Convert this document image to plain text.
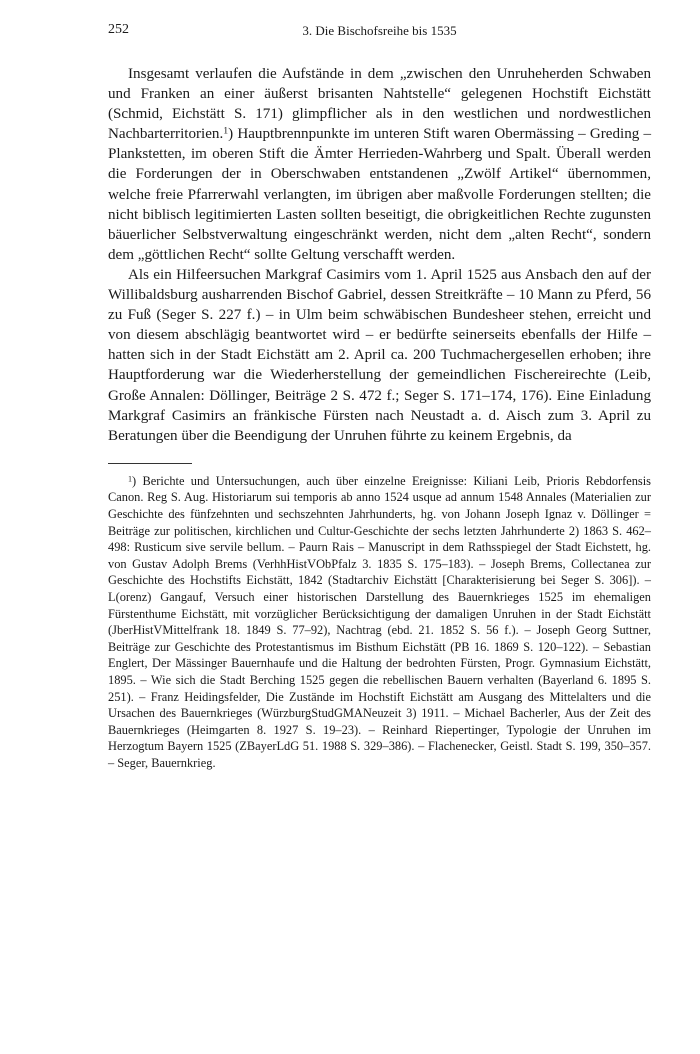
252	3. Die Bischofsreihe bis 1535

Insgesamt verlaufen die Aufstände in dem „zwischen den Unruheherden Schwaben und Franken an einer äußerst brisanten Nahtstelle“ gelegenen Hochstift Eichstätt (Schmid, Eichstätt S. 171) glimpflicher als in den westlichen und nordwestlichen Nachbarterritorien.$^1$) Hauptbrennpunkte im unteren Stift waren Obermässing – Greding – Plankstetten, im oberen Stift die Ämter Herrieden-Wahrberg und Spalt. Überall werden die Forderungen der in Oberschwaben entstandenen „Zwölf Artikel“ übernommen, welche freie Pfarrerwahl verlangten, im übrigen aber maßvolle Forderungen stellten; die nicht biblisch legitimierten Lasten sollten beseitigt, die obrigkeitlichen Rechte zugunsten bäuerlicher Selbstverwaltung eingeschränkt werden, nicht dem „alten Recht“, sondern dem „göttlichen Recht“ sollte Geltung verschafft werden.

Als ein Hilfeersuchen Markgraf Casimirs vom 1. April 1525 aus Ansbach den auf der Willibaldsburg ausharrenden Bischof Gabriel, dessen Streitkräfte – 10 Mann zu Pferd, 56 zu Fuß (Seger S. 227 f.) – in Ulm beim schwäbischen Bundesheer stehen, erreicht und von diesem abschlägig beantwortet wird – er bedürfte seinerseits ebenfalls der Hilfe – hatten sich in der Stadt Eichstätt am 2. April ca. 200 Tuchmachergesellen erhoben; ihre Hauptforderung war die Wiederherstellung der gemeindlichen Fischereirechte (Leib, Große Annalen: Döllinger, Beiträge 2 S. 472 f.; Seger S. 171–174, 176). Eine Einladung Markgraf Casimirs an fränkische Fürsten nach Neustadt a. d. Aisch zum 3. April zu Beratungen über die Beendigung der Unruhen führte zu keinem Ergebnis, da

$^1$) Berichte und Untersuchungen, auch über einzelne Ereignisse: Kiliani Leib, Prioris Rebdorfensis Canon. Reg S. Aug. Historiarum sui temporis ab anno 1524 usque ad annum 1548 Annales (Materialien zur Geschichte des fünfzehnten und sechszehnten Jahrhunderts, hg. von Johann Joseph Ignaz v. Döllinger = Beiträge zur politischen, kirchlichen und Cultur-Geschichte der sechs letzten Jahrhunderte 2) 1863 S. 462–498: Rusticum sive servile bellum. – Paurn Rais – Manuscript in dem Rathsspiegel der Stadt Eichstett, hg. von Gustav Adolph Brems (VerhhHistVObPfalz 3. 1835 S. 175–183). – Joseph Brems, Collectanea zur Geschichte des Hochstifts Eichstätt, 1842 (Stadtarchiv Eichstätt [Charakterisierung bei Seger S. 306]). – L(orenz) Gangauf, Versuch einer historischen Darstellung des Bauernkrieges 1525 im ehemaligen Fürstenthume Eichstätt, mit vorzüglicher Berücksichtigung der damaligen Unruhen in der Stadt Eichstätt (JberHistVMittelfrank 18. 1849 S. 77–92), Nachtrag (ebd. 21. 1852 S. 56 f.). – Joseph Georg Suttner, Beiträge zur Geschichte des Protestantismus im Bisthum Eichstätt (PB 16. 1869 S. 120–122). – Sebastian Englert, Der Mässinger Bauernhaufe und die Haltung der bedrohten Fürsten, Progr. Gymnasium Eichstätt, 1895. – Wie sich die Stadt Berching 1525 gegen die rebellischen Bauern verhalten (Bayerland 6. 1895 S. 251). – Franz Heidingsfelder, Die Zustände im Hochstift Eichstätt am Ausgang des Mittelalters und die Ursachen des Bauernkrieges (WürzburgStudGMANeuzeit 3) 1911. – Michael Bacherler, Aus der Zeit des Bauernkrieges (Heimgarten 8. 1927 S. 19–23). – Reinhard Riepertinger, Typologie der Unruhen im Herzogtum Bayern 1525 (ZBayerLdG 51. 1988 S. 329–386). – Flachenecker, Geistl. Stadt S. 199, 350–357. – Seger, Bauernkrieg.
